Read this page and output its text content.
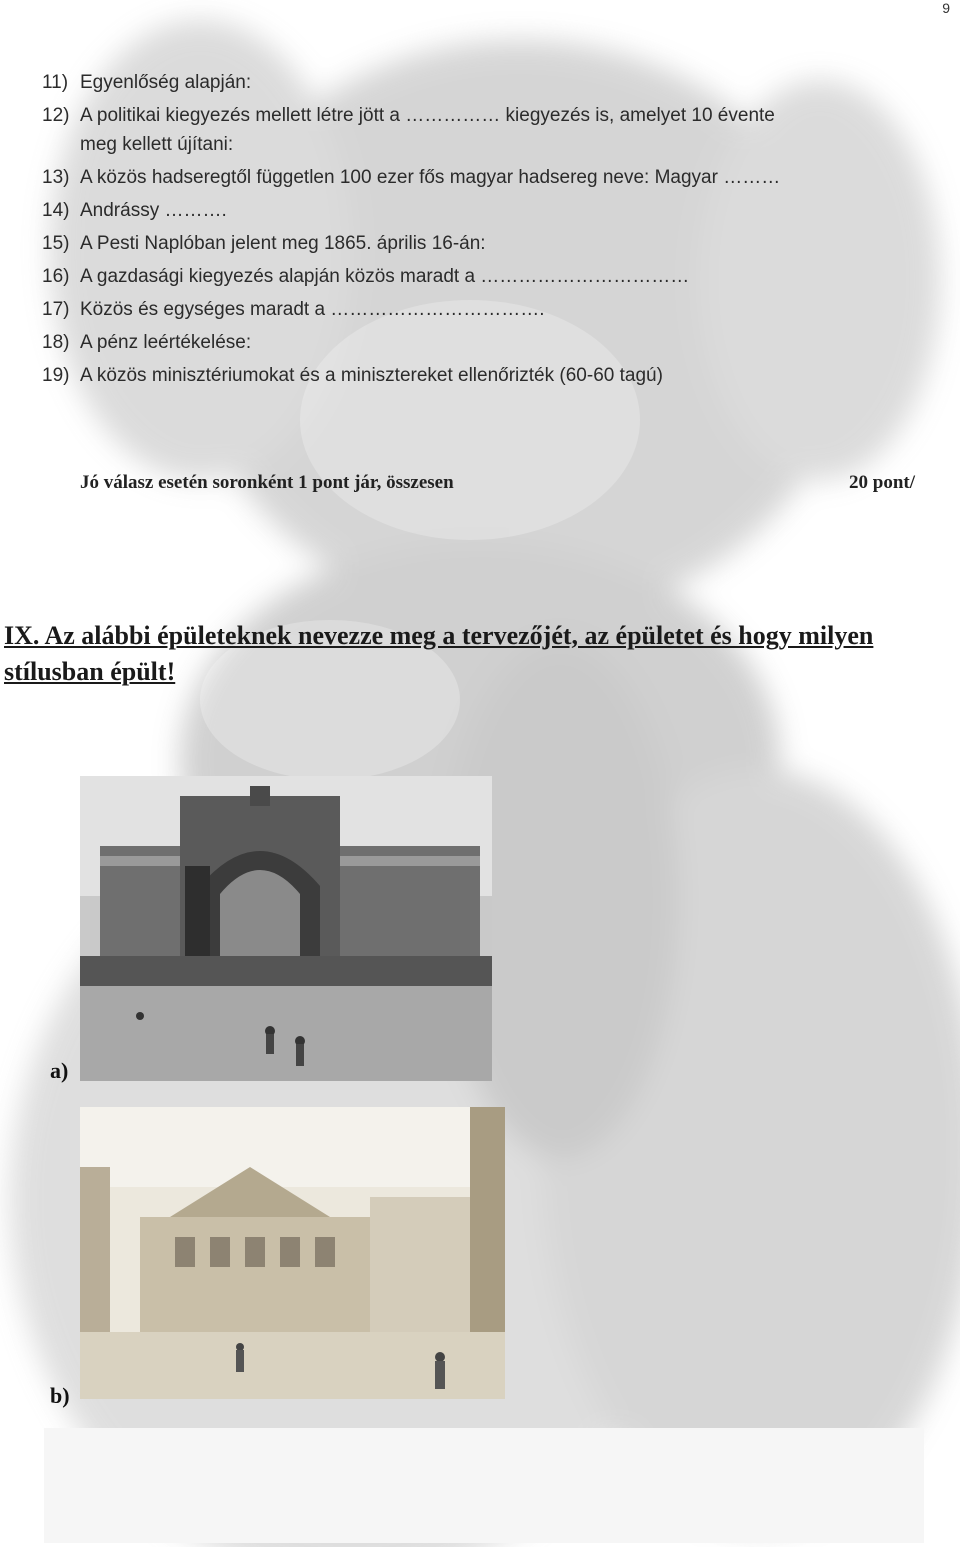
9
11) Egyenlőség alapján:
12) A politikai kiegyezés mellett létre jött a …………… kiegyezés is, amelyet 10 évente
meg kellett újítani:
13) A közös hadseregtől független 100 ezer fős magyar hadsereg neve: Magyar ………
14) Andrássy ……….
15) A Pesti Naplóban jelent meg 1865. április 16-án:
16) A gazdasági kiegyezés alapján közös maradt a ……………………………
17) Közös és egységes maradt a …………………………….
18) A pénz leértékelése:
19) A közös minisztériumokat és a minisztereket ellenőrizték (60-60 tagú)
Jó válasz esetén soronként 1 pont jár, összesen	20 pont/
IX. Az alábbi épületeknek nevezze meg a tervezőjét, az épületet és hogy milyen stílusban épült!
a)
b)
